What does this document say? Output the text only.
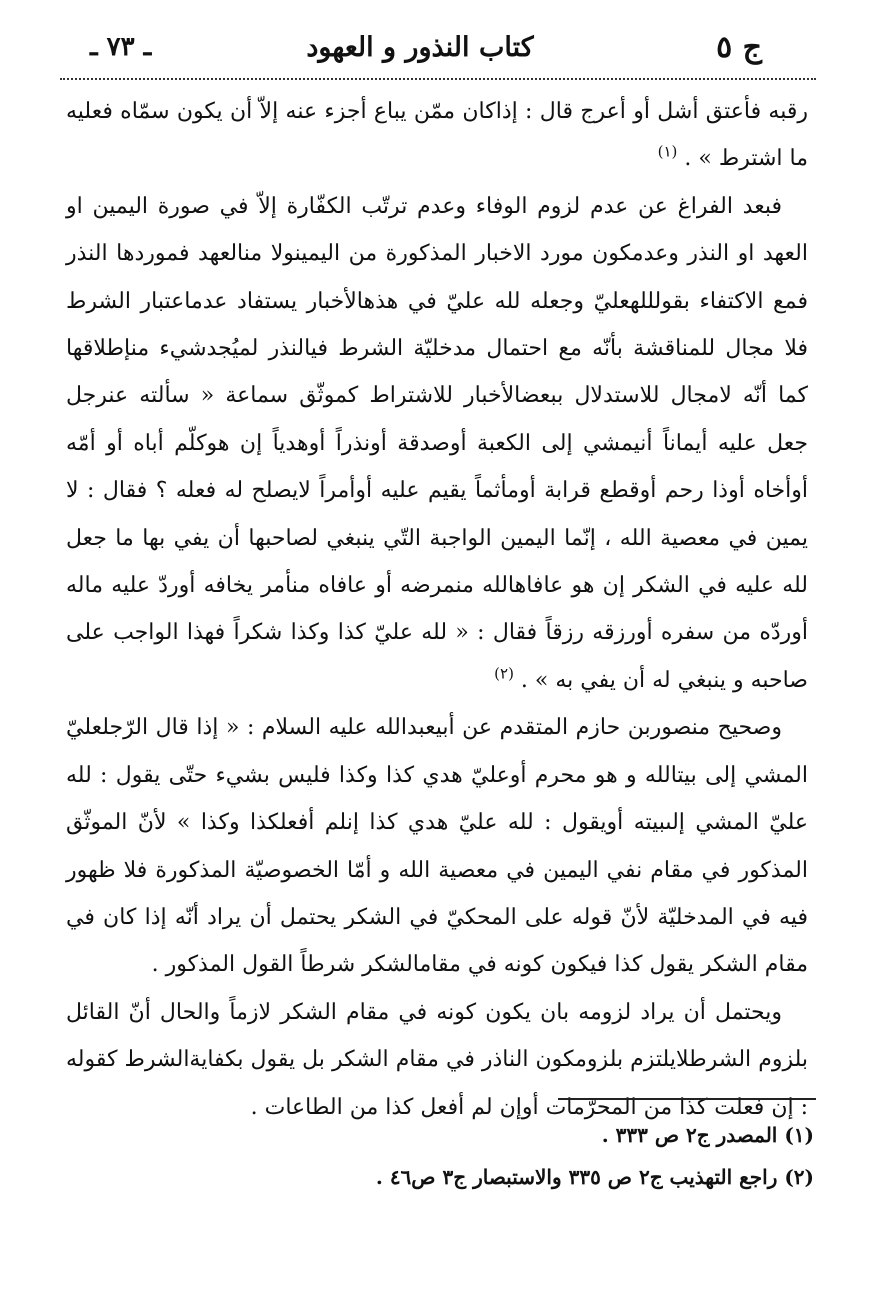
ج ٥
كتاب النذور و العهود
ـ ٧٣ ـ

رقبه فأعتق أشل أو أعرج قال : إذاكان ممّن يباع أجزء عنه إلاّ أن يكون سمّاه فعليه ما اشترط » . $^{(١)}$

فبعد الفراغ عن عدم لزوم الوفاء وعدم ترتّب الكفّارة إلاّ في صورة اليمين او العهد او النذر وعدمكون مورد الاخبار المذكورة من اليمينولا منالعهد فموردها النذر فمع الاكتفاء بقولللهعليّ وجعله لله عليّ في هذهالأخبار يستفاد عدماعتبار الشرط فلا مجال للمناقشة بأنّه مع احتمال مدخليّة الشرط فيالنذر لميُجدشيء منإطلاقها كما أنّه لامجال للاستدلال ببعضالأخبار للاشتراط كموثّق سماعة « سألته عنرجل جعل عليه أيماناً أنيمشي إلى الكعبة أوصدقة أونذراً أوهدياً إن هوكلّم أباه أو أمّه أوأخاه أوذا رحم أوقطع قرابة أومأثماً يقيم عليه أوأمراً لايصلح له فعله ؟ فقال : لا يمين في معصية الله ، إنّما اليمين الواجبة التّي ينبغي لصاحبها أن يفي بها ما جعل لله عليه في الشكر إن هو عافاهالله منمرضه أو عافاه منأمر يخافه أوردّ عليه ماله أوردّه من سفره أورزقه رزقاً فقال : « لله عليّ كذا وكذا شكراً فهذا الواجب على صاحبه و ينبغي له أن يفي به » . $^{(٢)}$

وصحيح منصوربن حازم المتقدم عن أبيعبدالله عليه السلام : « إذا قال الرّجلعليّ المشي إلى بيتالله و هو محرم أوعليّ هدي كذا وكذا فليس بشيء حتّى يقول : لله عليّ المشي إلىبيته أويقول : لله عليّ هدي كذا إنلم أفعلكذا وكذا » لأنّ الموثّق المذكور في مقام نفي اليمين في معصية الله و أمّا الخصوصيّة المذكورة فلا ظهور فيه في المدخليّة لأنّ قوله على المحكيّ في الشكر يحتمل أن يراد أنّه إذا كان في مقام الشكر يقول كذا فيكون كونه في مقامالشكر شرطاً القول المذكور .

ويحتمل أن يراد لزومه بان يكون كونه في مقام الشكر لازماً والحال أنّ القائل بلزوم الشرطلايلتزم بلزومكون الناذر في مقام الشكر بل يقول بكفايةالشرط كقوله : إن فعلت كذا من المحرّمات أوإن لم أفعل كذا من الطاعات .

(١) المصدر ج٢ ص ٣٣٣ .
(٢) راجع التهذيب ج٢ ص ٣٣٥ والاستبصار ج٣ ص٤٦ .
